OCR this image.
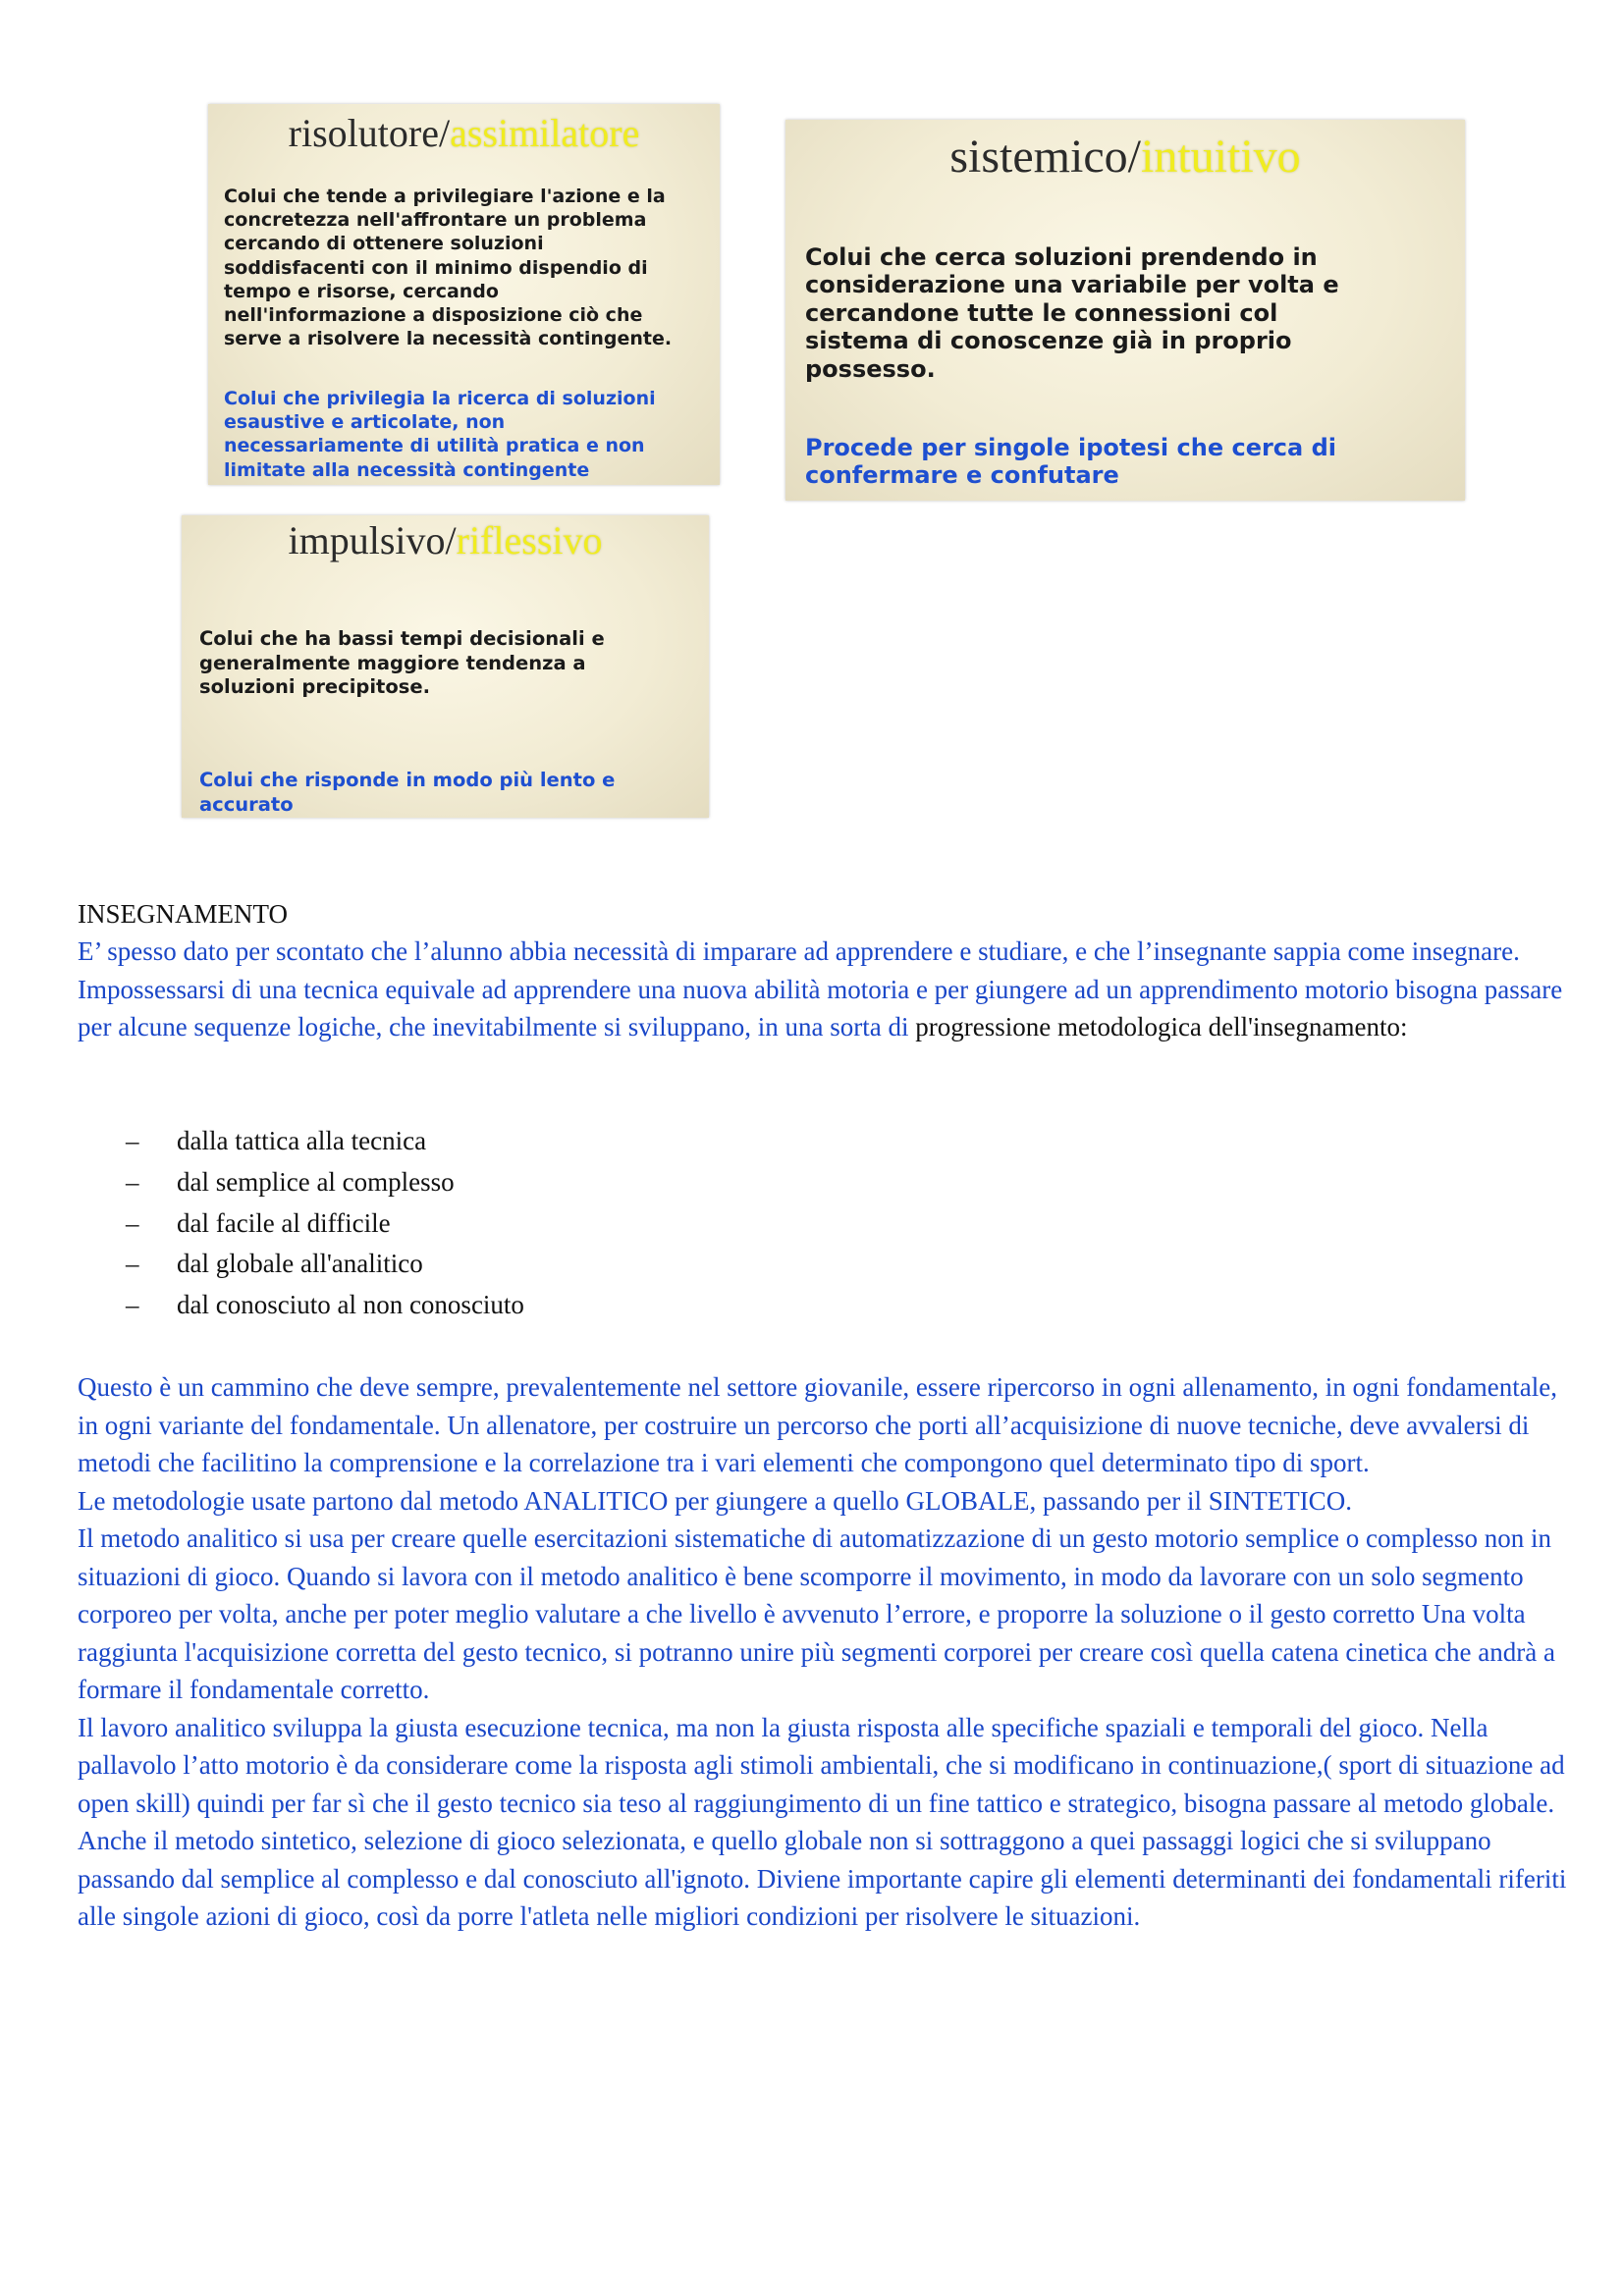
risolutore/assimilatore
Colui che tende a privilegiare l'azione e la
concretezza nell'affrontare un problema
cercando di ottenere soluzioni
soddisfacenti con il minimo dispendio di
tempo e risorse, cercando
nell'informazione a disposizione ciò che
serve a risolvere la necessità contingente.
Colui che privilegia la ricerca di soluzioni
esaustive e articolate, non
necessariamente di utilità pratica e non
limitate alla necessità contingente
sistemico/intuitivo
Colui che cerca soluzioni prendendo in
considerazione una variabile per volta e
cercandone tutte le connessioni col
sistema di conoscenze già in proprio
possesso.
Procede per singole ipotesi che cerca di
confermare e confutare
impulsivo/riflessivo
Colui che ha bassi tempi decisionali e
generalmente maggiore tendenza a
soluzioni precipitose.
Colui che risponde in modo più lento e
accurato
INSEGNAMENTO
E’ spesso dato per scontato che l’alunno abbia necessità di imparare ad apprendere e studiare, e che l’insegnante sappia come insegnare.
Impossessarsi di una tecnica equivale ad apprendere una nuova abilità motoria e per giungere ad un apprendimento motorio bisogna passare per alcune sequenze logiche, che inevitabilmente si sviluppano, in una sorta di progressione metodologica dell'insegnamento:
– dalla tattica alla tecnica
– dal semplice al complesso
– dal facile al difficile
– dal globale all'analitico
– dal conosciuto al non conosciuto
Questo è un cammino che deve sempre, prevalentemente nel settore giovanile, essere ripercorso in ogni allenamento, in ogni fondamentale, in ogni variante del fondamentale. Un allenatore, per costruire un percorso che porti all’acquisizione di nuove tecniche, deve avvalersi di metodi che facilitino la comprensione e la correlazione tra i vari elementi che compongono quel determinato tipo di sport.
Le metodologie usate partono dal metodo ANALITICO per giungere a quello GLOBALE, passando per il SINTETICO.
Il metodo analitico si usa per creare quelle esercitazioni sistematiche di automatizzazione di un gesto motorio semplice o complesso non in situazioni di gioco. Quando si lavora con il metodo analitico è bene scomporre il movimento, in modo da lavorare con un solo segmento corporeo per volta, anche per poter meglio valutare a che livello è avvenuto l’errore, e proporre la soluzione o il gesto corretto Una volta raggiunta l'acquisizione corretta del gesto tecnico, si potranno unire più segmenti corporei per creare così quella catena cinetica che andrà a formare il fondamentale corretto.
Il lavoro analitico sviluppa la giusta esecuzione tecnica, ma non la giusta risposta alle specifiche spaziali e temporali del gioco. Nella pallavolo l’atto motorio è da considerare come la risposta agli stimoli ambientali, che si modificano in continuazione,( sport di situazione ad open skill) quindi per far sì che il gesto tecnico sia teso al raggiungimento di un fine tattico e strategico, bisogna passare al metodo globale.
Anche il metodo sintetico, selezione di gioco selezionata, e quello globale non si sottraggono a quei passaggi logici che si sviluppano passando dal semplice al complesso e dal conosciuto all'ignoto. Diviene importante capire gli elementi determinanti dei fondamentali riferiti alle singole azioni di gioco, così da porre l'atleta nelle migliori condizioni per risolvere le situazioni.
